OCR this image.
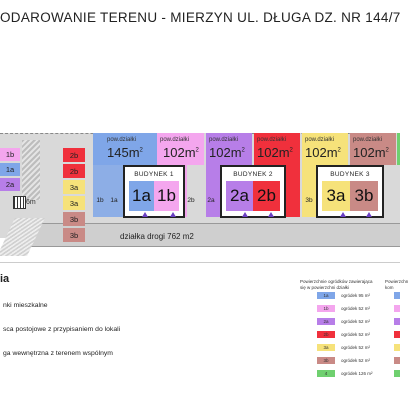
ODAROWANIE TERENU - MIERZYN UL. DŁUGA DZ. NR 144/7
1b
1a
2a
6m
2b
2b
3a
3a
3b
3b
pow.działki
$145m^2$
pow.działki
$102m^2$
pow.działki
$102m^2$
pow.działki
$102m^2$
pow.działki
$102m^2$
pow.działki
$102m^2$
1b	1a	2b	2a	3b
BUDYNEK 1
1a 1b
BUDYNEK 2
2a 2b
BUDYNEK 3
3a 3b
działka drogi 762 m2
ia
nki mieszkalne
sca postojowe z przypisaniem do lokali
ga wewnętrzna z terenem wspólnym
Powierzchnie ogródków zawierająca
się w powierzchni działki
1a	ogródek 95 m²
1b	ogródek 52 m²
2a	ogródek 52 m²
2b	ogródek 52 m²
3a	ogródek 52 m²
3b	ogródek 52 m²
4	ogródek 126 m²
Powierzchn
kom
